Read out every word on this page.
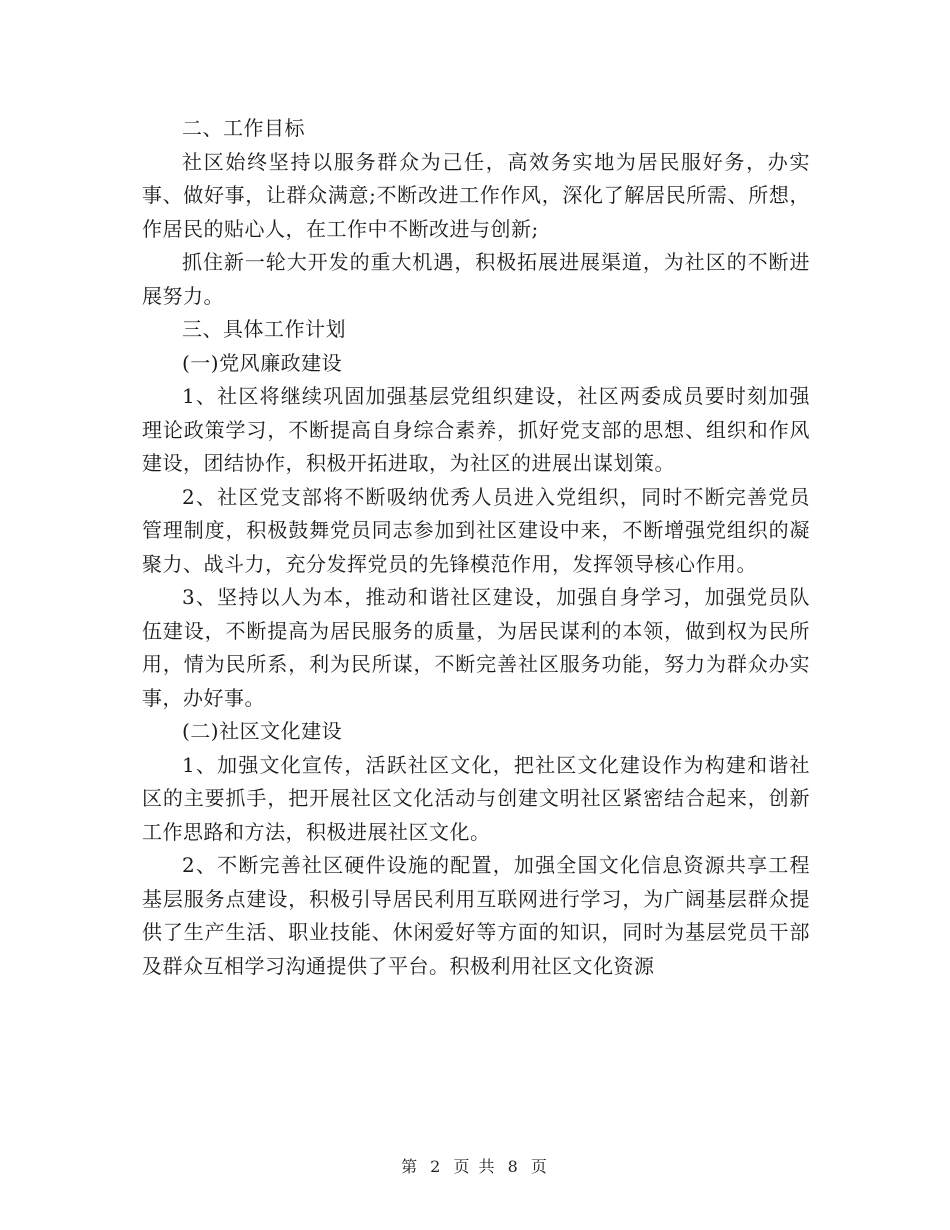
二、工作目标

社区始终坚持以服务群众为己任，高效务实地为居民服好务，办实事、做好事，让群众满意;不断改进工作作风，深化了解居民所需、所想，作居民的贴心人，在工作中不断改进与创新;

抓住新一轮大开发的重大机遇，积极拓展进展渠道，为社区的不断进展努力。

三、具体工作计划

(一)党风廉政建设

1、社区将继续巩固加强基层党组织建设，社区两委成员要时刻加强理论政策学习，不断提高自身综合素养，抓好党支部的思想、组织和作风建设，团结协作，积极开拓进取，为社区的进展出谋划策。

2、社区党支部将不断吸纳优秀人员进入党组织，同时不断完善党员管理制度，积极鼓舞党员同志参加到社区建设中来，不断增强党组织的凝聚力、战斗力，充分发挥党员的先锋模范作用，发挥领导核心作用。

3、坚持以人为本，推动和谐社区建设，加强自身学习，加强党员队伍建设，不断提高为居民服务的质量，为居民谋利的本领，做到权为民所用，情为民所系，利为民所谋，不断完善社区服务功能，努力为群众办实事，办好事。

(二)社区文化建设

1、加强文化宣传，活跃社区文化，把社区文化建设作为构建和谐社区的主要抓手，把开展社区文化活动与创建文明社区紧密结合起来，创新工作思路和方法，积极进展社区文化。

2、不断完善社区硬件设施的配置，加强全国文化信息资源共享工程基层服务点建设，积极引导居民利用互联网进行学习，为广阔基层群众提供了生产生活、职业技能、休闲爱好等方面的知识，同时为基层党员干部及群众互相学习沟通提供了平台。积极利用社区文化资源

第 2 页 共 8 页
